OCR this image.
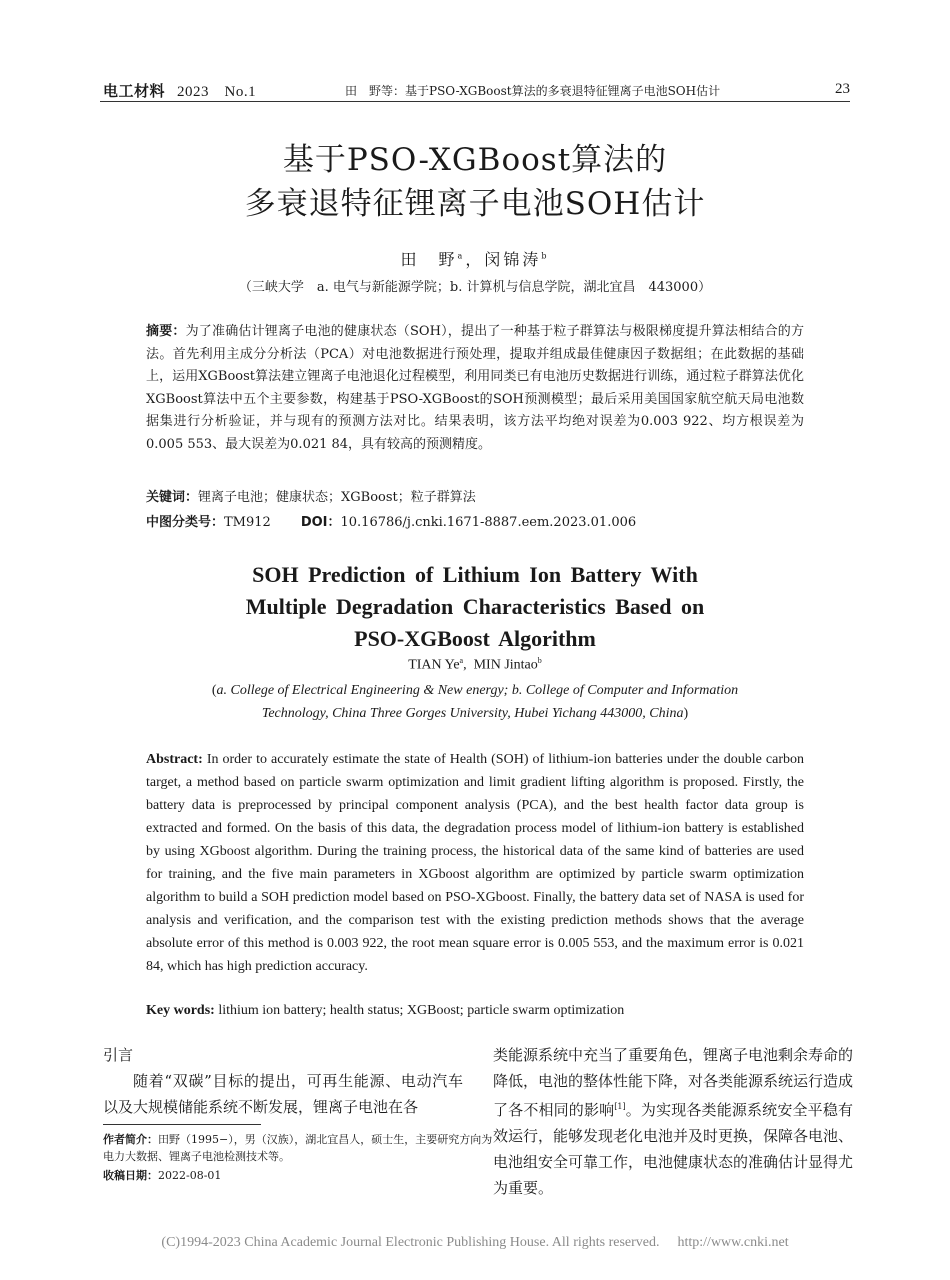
电工材料 2023　No.1	田　野等：基于PSO-XGBoost算法的多衰退特征锂离子电池SOH估计	23
基于PSO-XGBoost算法的
多衰退特征锂离子电池SOH估计
田　野$^a$，闵锦涛$^b$
（三峡大学　a. 电气与新能源学院；b. 计算机与信息学院，湖北宜昌　443000）
摘要：为了准确估计锂离子电池的健康状态（SOH），提出了一种基于粒子群算法与极限梯度提升算法相结合的方法。首先利用主成分分析法（PCA）对电池数据进行预处理，提取并组成最佳健康因子数据组；在此数据的基础上，运用XGBoost算法建立锂离子电池退化过程模型，利用同类已有电池历史数据进行训练，通过粒子群算法优化XGBoost算法中五个主要参数，构建基于PSO-XGBoost的SOH预测模型；最后采用美国国家航空航天局电池数据集进行分析验证，并与现有的预测方法对比。结果表明，该方法平均绝对误差为0.003 922、均方根误差为0.005 553、最大误差为0.021 84，具有较高的预测精度。
关键词：锂离子电池；健康状态；XGBoost；粒子群算法
中图分类号：TM912 DOI：10.16786/j.cnki.1671-8887.eem.2023.01.006
SOH Prediction of Lithium Ion Battery With
Multiple Degradation Characteristics Based on
PSO-XGBoost Algorithm
TIAN Ye$^a$,  MIN Jintao$^b$
(a. College of Electrical Engineering & New energy; b. College of Computer and Information
Technology, China Three Gorges University, Hubei Yichang 443000, China)
Abstract: In order to accurately estimate the state of Health (SOH) of lithium-ion batteries under the double carbon target, a method based on particle swarm optimization and limit gradient lifting algorithm is proposed. Firstly, the battery data is preprocessed by principal component analysis (PCA), and the best health factor data group is extracted and formed. On the basis of this data, the degradation process model of lithium-ion battery is established by using XGboost algorithm. During the training process, the historical data of the same kind of batteries are used for training, and the five main parameters in XGboost algorithm are optimized by particle swarm optimization algorithm to build a SOH prediction model based on PSO-XGboost. Finally, the battery data set of NASA is used for analysis and verification, and the comparison test with the existing prediction methods shows that the average absolute error of this method is 0.003 922, the root mean square error is 0.005 553, and the maximum error is 0.021 84, which has high prediction accuracy.
Key words: lithium ion battery; health status; XGBoost; particle swarm optimization
引言
随着“双碳”目标的提出，可再生能源、电动汽车以及大规模储能系统不断发展，锂离子电池在各
作者简介：田野（1995−），男（汉族），湖北宜昌人，硕士生，主要研究方向为电力大数据、锂离子电池检测技术等。
收稿日期：2022-08-01
类能源系统中充当了重要角色，锂离子电池剩余寿命的降低，电池的整体性能下降，对各类能源系统运行造成了各不相同的影响[1]。为实现各类能源系统安全平稳有效运行，能够发现老化电池并及时更换，保障各电池、电池组安全可靠工作，电池健康状态的准确估计显得尤为重要。
(C)1994-2023 China Academic Journal Electronic Publishing House. All rights reserved. http://www.cnki.net
